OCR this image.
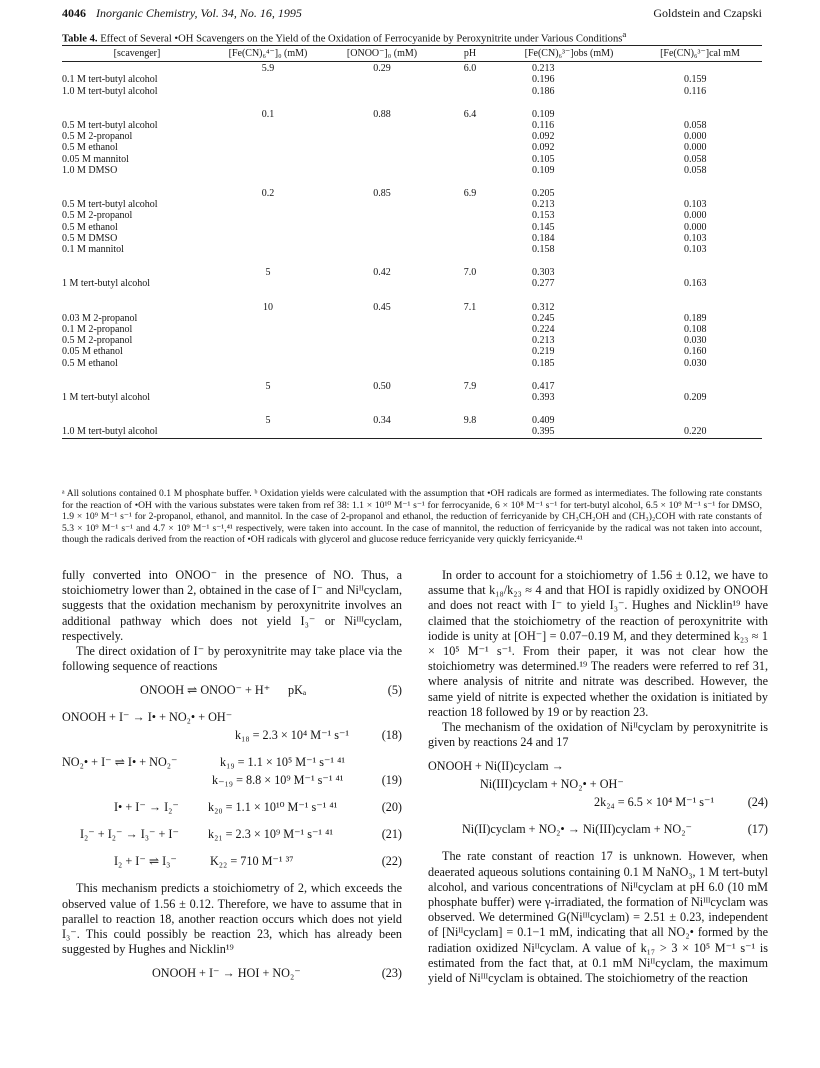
4046 Inorganic Chemistry, Vol. 34, No. 16, 1995	Goldstein and Czapski
Table 4. Effect of Several •OH Scavengers on the Yield of the Oxidation of Ferrocyanide by Peroxynitrite under Various Conditions$^a$
[scavenger]	[Fe(CN)₆⁴⁻]₀ (mM)	[ONOO⁻]₀ (mM)	pH	[Fe(CN)₆³⁻]obs (mM)	[Fe(CN)₆³⁻]cal mM
	5.9	0.29	6.0	0.213	
0.1 M tert-butyl alcohol				0.196	0.159
1.0 M tert-butyl alcohol				0.186	0.116

	0.1	0.88	6.4	0.109	
0.5 M tert-butyl alcohol				0.116	0.058
0.5 M 2-propanol				0.092	0.000
0.5 M ethanol				0.092	0.000
0.05 M mannitol				0.105	0.058
1.0 M DMSO				0.109	0.058

	0.2	0.85	6.9	0.205	
0.5 M tert-butyl alcohol				0.213	0.103
0.5 M 2-propanol				0.153	0.000
0.5 M ethanol				0.145	0.000
0.5 M DMSO				0.184	0.103
0.1 M mannitol				0.158	0.103

	5	0.42	7.0	0.303	
1 M tert-butyl alcohol				0.277	0.163

	10	0.45	7.1	0.312	
0.03 M 2-propanol				0.245	0.189
0.1 M 2-propanol				0.224	0.108
0.5 M 2-propanol				0.213	0.030
0.05 M ethanol				0.219	0.160
0.5 M ethanol				0.185	0.030

	5	0.50	7.9	0.417	
1 M tert-butyl alcohol				0.393	0.209

	5	0.34	9.8	0.409	
1.0 M tert-butyl alcohol				0.395	0.220
ᵃ All solutions contained 0.1 M phosphate buffer. ᵇ Oxidation yields were calculated with the assumption that •OH radicals are formed as intermediates. The following rate constants for the reaction of •OH with the various substates were taken from ref 38: 1.1 × 10¹⁰ M⁻¹ s⁻¹ for ferrocyanide, 6 × 10⁸ M⁻¹ s⁻¹ for tert-butyl alcohol, 6.5 × 10⁹ M⁻¹ s⁻¹ for DMSO, 1.9 × 10⁹ M⁻¹ s⁻¹ for 2-propanol, ethanol, and mannitol. In the case of 2-propanol and ethanol, the reduction of ferricyanide by CH₃CH₂OH and (CH₃)₂COH with rate constants of 5.3 × 10⁹ M⁻¹ s⁻¹ and 4.7 × 10⁹ M⁻¹ s⁻¹,⁴¹ respectively, were taken into account. In the case of mannitol, the reduction of ferricyanide by the radical was not taken into account, though the radicals derived from the reaction of •OH radicals with glycerol and glucose reduce ferricyanide very quickly ferricyanide.⁴¹

fully converted into ONOO⁻ in the presence of NO. Thus, a stoichiometry lower than 2, obtained in the case of I⁻ and Niᴵᴵcyclam, suggests that the oxidation mechanism by peroxynitrite involves an additional pathway which does not yield I₃⁻ or Niᴵᴵᴵcyclam, respectively.

The direct oxidation of I⁻ by peroxynitrite may take place via the following sequence of reactions

ONOOH ⇌ ONOO⁻ + H⁺ pKₐ	(5)
ONOOH + I⁻ → I• + NO₂• + OH⁻
k₁₈ = 2.3 × 10⁴ M⁻¹ s⁻¹	(18)
NO₂• + I⁻ ⇌ I• + NO₂⁻	k₁₉ = 1.1 × 10⁵ M⁻¹ s⁻¹ ⁴¹
k₋₁₉ = 8.8 × 10⁹ M⁻¹ s⁻¹ ⁴¹	(19)
I• + I⁻ → I₂⁻ k₂₀ = 1.1 × 10¹⁰ M⁻¹ s⁻¹ ⁴¹	(20)
I₂⁻ + I₂⁻ → I₃⁻ + I⁻ k₂₁ = 2.3 × 10⁹ M⁻¹ s⁻¹ ⁴¹	(21)
I₂ + I⁻ ⇌ I₃⁻	K₂₂ = 710 M⁻¹ ³⁷	(22)

This mechanism predicts a stoichiometry of 2, which exceeds the observed value of 1.56 ± 0.12. Therefore, we have to assume that in parallel to reaction 18, another reaction occurs which does not yield I₃⁻. This could possibly be reaction 23, which has already been suggested by Hughes and Nicklin¹⁹

ONOOH + I⁻ → HOI + NO₂⁻	(23)

In order to account for a stoichiometry of 1.56 ± 0.12, we have to assume that k₁₈/k₂₃ ≈ 4 and that HOI is rapidly oxidized by ONOOH and does not react with I⁻ to yield I₃⁻. Hughes and Nicklin¹⁹ have claimed that the stoichiometry of the reaction of peroxynitrite with iodide is unity at [OH⁻] = 0.07−0.19 M, and they determined k₂₃ ≈ 1 × 10⁵ M⁻¹ s⁻¹. From their paper, it was not clear how the stoichiometry was determined.¹⁹ The readers were referred to ref 31, where analysis of nitrite and nitrate was described. However, the same yield of nitrite is expected whether the oxidation is initiated by reaction 18 followed by 19 or by reaction 23.

The mechanism of the oxidation of Niᴵᴵcyclam by peroxynitrite is given by reactions 24 and 17

ONOOH + Ni(II)cyclam →
Ni(III)cyclam + NO₂• + OH⁻
2k₂₄ = 6.5 × 10⁴ M⁻¹ s⁻¹	(24)
Ni(II)cyclam + NO₂• → Ni(III)cyclam + NO₂⁻	(17)

The rate constant of reaction 17 is unknown. However, when deaerated aqueous solutions containing 0.1 M NaNO₃, 1 M tert-butyl alcohol, and various concentrations of Niᴵᴵcyclam at pH 6.0 (10 mM phosphate buffer) were γ-irradiated, the formation of Niᴵᴵᴵcyclam was observed. We determined G(Niᴵᴵᴵcyclam) = 2.51 ± 0.23, independent of [Niᴵᴵcyclam] = 0.1−1 mM, indicating that all NO₂• formed by the radiation oxidized Niᴵᴵcyclam. A value of k₁₇ > 3 × 10⁵ M⁻¹ s⁻¹ is estimated from the fact that, at 0.1 mM Niᴵᴵcyclam, the maximum yield of Niᴵᴵᴵcyclam is obtained. The stoichiometry of the reaction
